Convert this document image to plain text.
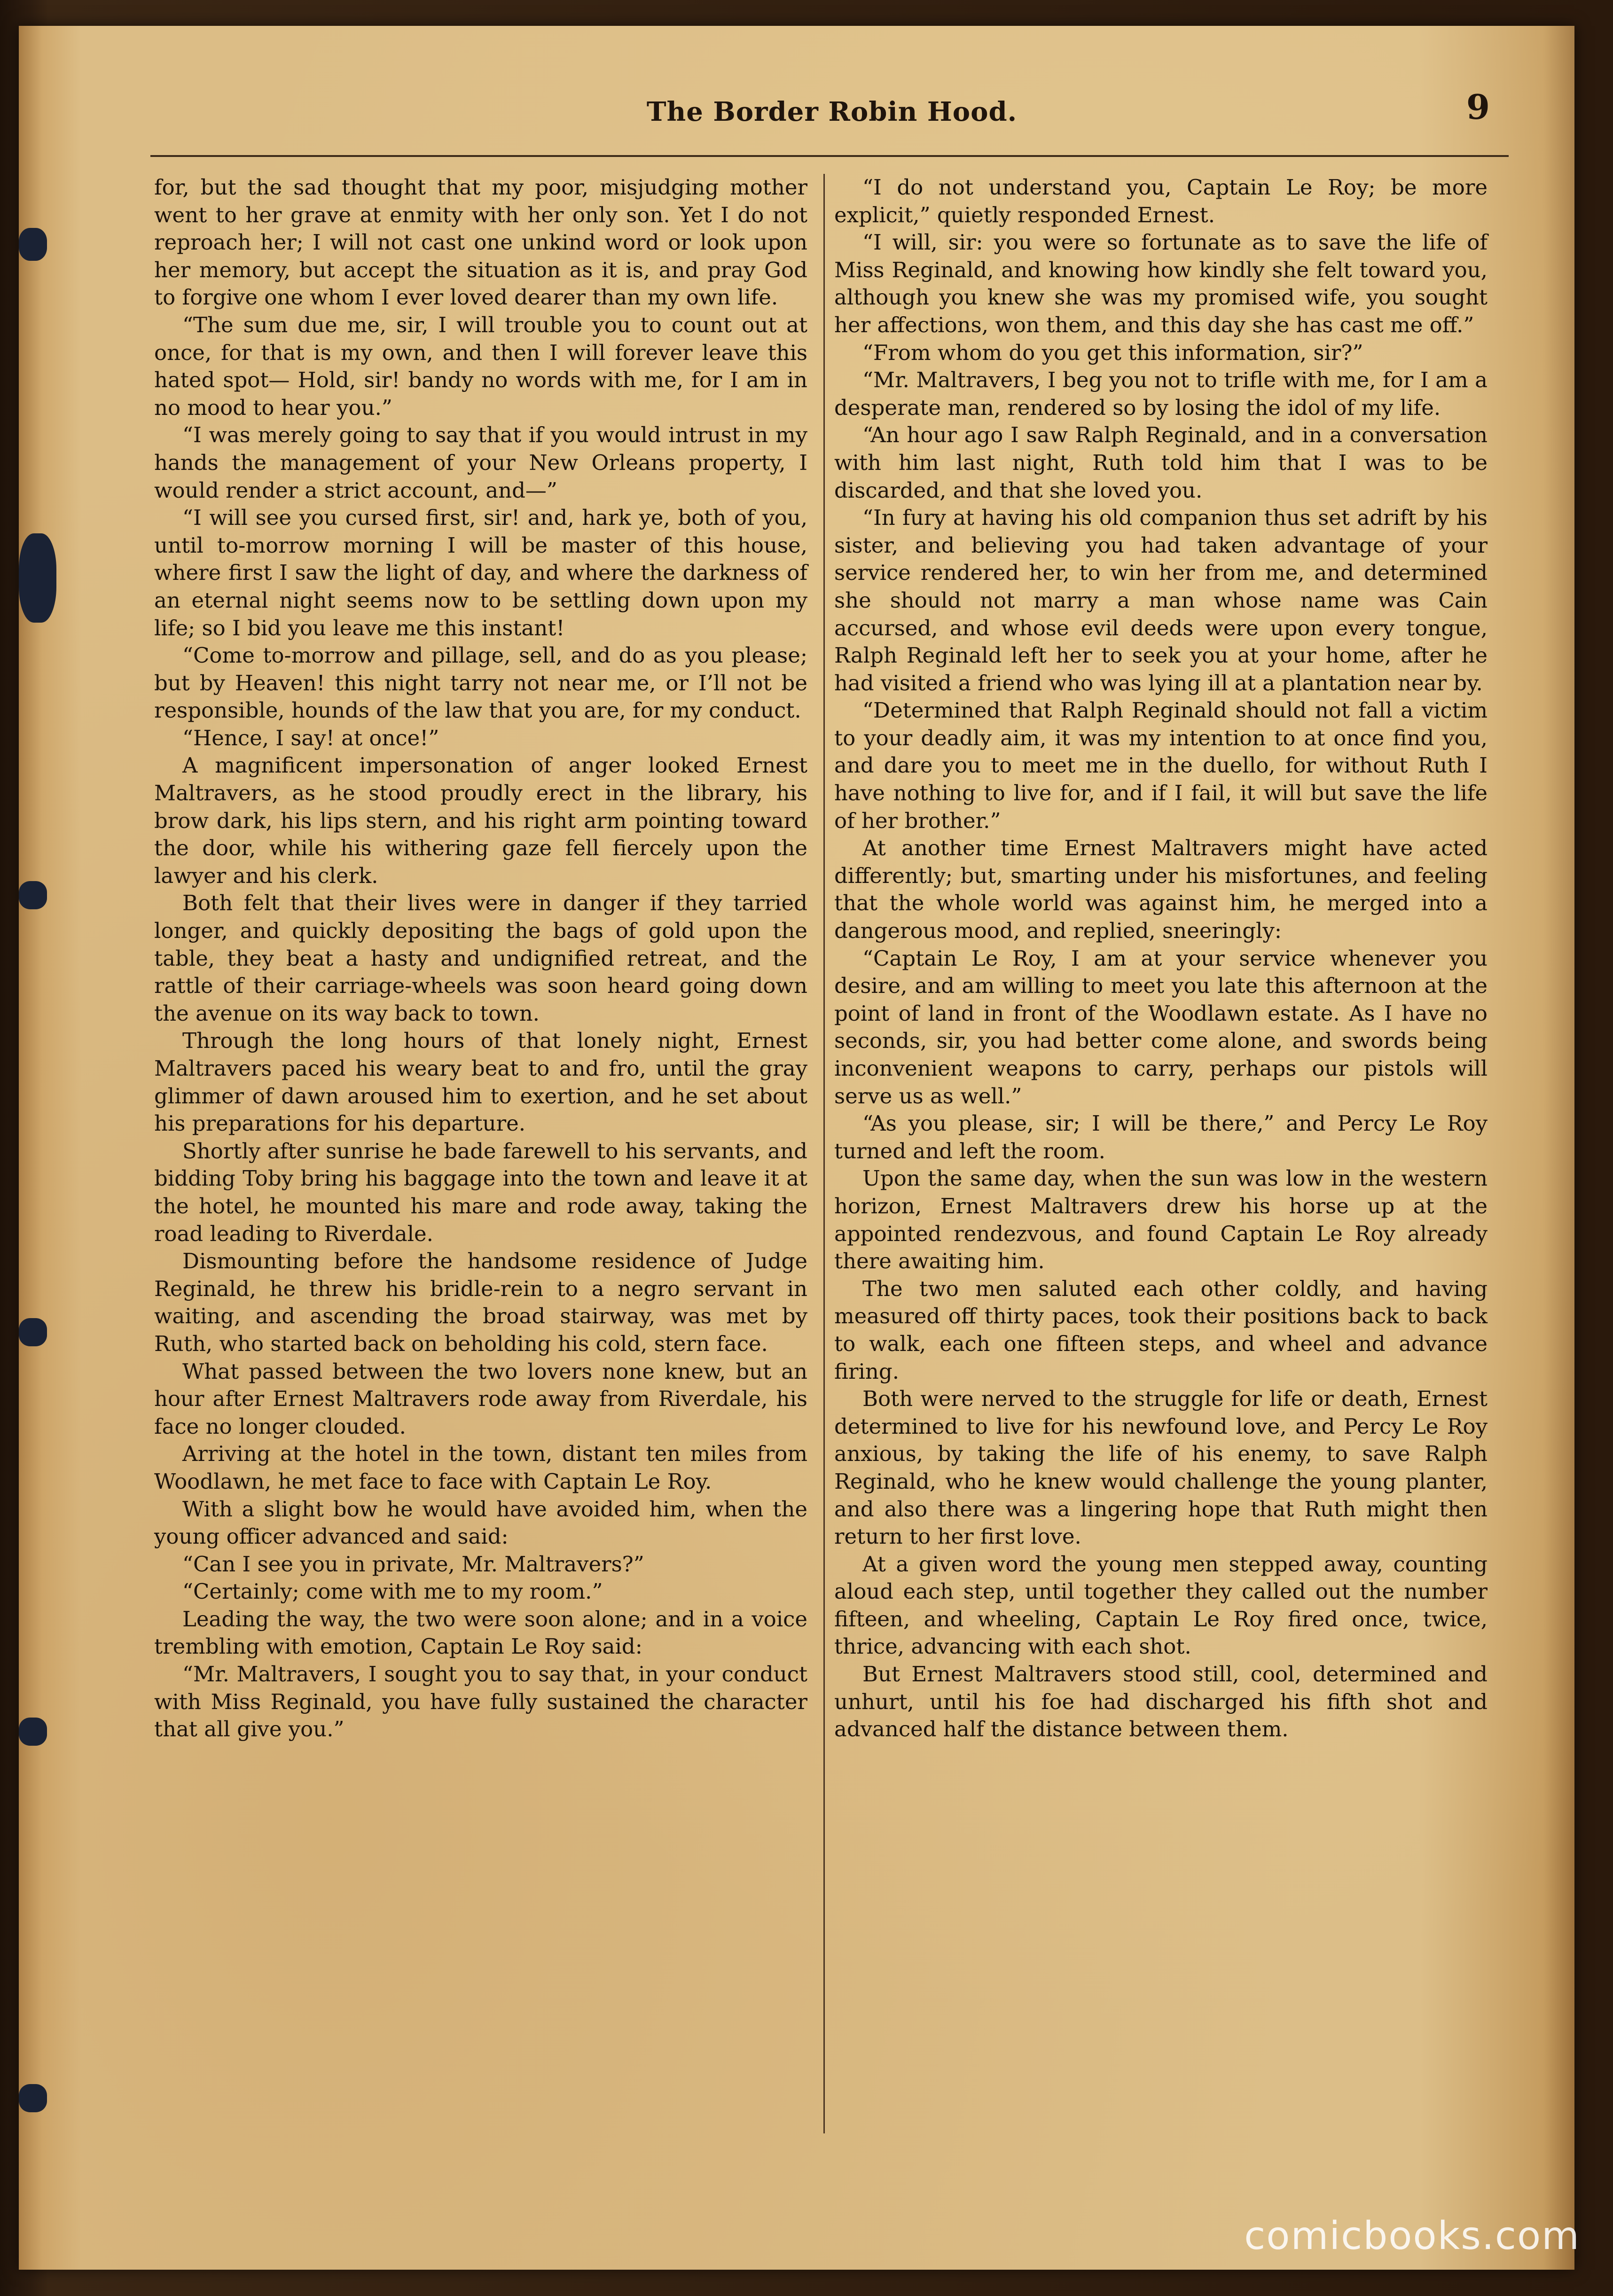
The Border Robin Hood.	9

for, but the sad thought that my poor, misjudging mother went to her grave at enmity with her only son. Yet I do not reproach her; I will not cast one unkind word or look upon her memory, but accept the situation as it is, and pray God to forgive one whom I ever loved dearer than my own life.

“The sum due me, sir, I will trouble you to count out at once, for that is my own, and then I will forever leave this hated spot— Hold, sir! bandy no words with me, for I am in no mood to hear you.”

“I was merely going to say that if you would intrust in my hands the management of your New Orleans property, I would render a strict account, and—”

“I will see you cursed first, sir! and, hark ye, both of you, until to-morrow morning I will be master of this house, where first I saw the light of day, and where the darkness of an eternal night seems now to be settling down upon my life; so I bid you leave me this instant!

“Come to-morrow and pillage, sell, and do as you please; but by Heaven! this night tarry not near me, or I’ll not be responsible, hounds of the law that you are, for my conduct.

“Hence, I say! at once!”

A magnificent impersonation of anger looked Ernest Maltravers, as he stood proudly erect in the library, his brow dark, his lips stern, and his right arm pointing toward the door, while his withering gaze fell fiercely upon the lawyer and his clerk.

Both felt that their lives were in danger if they tarried longer, and quickly depositing the bags of gold upon the table, they beat a hasty and undignified retreat, and the rattle of their carriage-wheels was soon heard going down the avenue on its way back to town.

Through the long hours of that lonely night, Ernest Maltravers paced his weary beat to and fro, until the gray glimmer of dawn aroused him to exertion, and he set about his preparations for his departure.

Shortly after sunrise he bade farewell to his servants, and bidding Toby bring his baggage into the town and leave it at the hotel, he mounted his mare and rode away, taking the road leading to Riverdale.

Dismounting before the handsome residence of Judge Reginald, he threw his bridle-rein to a negro servant in waiting, and ascending the broad stairway, was met by Ruth, who started back on beholding his cold, stern face.

What passed between the two lovers none knew, but an hour after Ernest Maltravers rode away from Riverdale, his face no longer clouded.

Arriving at the hotel in the town, distant ten miles from Woodlawn, he met face to face with Captain Le Roy.

With a slight bow he would have avoided him, when the young officer advanced and said:

“Can I see you in private, Mr. Maltravers?”

“Certainly; come with me to my room.”

Leading the way, the two were soon alone; and in a voice trembling with emotion, Captain Le Roy said:

“Mr. Maltravers, I sought you to say that, in your conduct with Miss Reginald, you have fully sustained the character that all give you.”

“I do not understand you, Captain Le Roy; be more explicit,” quietly responded Ernest.

“I will, sir: you were so fortunate as to save the life of Miss Reginald, and knowing how kindly she felt toward you, although you knew she was my promised wife, you sought her affections, won them, and this day she has cast me off.”

“From whom do you get this information, sir?”

“Mr. Maltravers, I beg you not to trifle with me, for I am a desperate man, rendered so by losing the idol of my life.

“An hour ago I saw Ralph Reginald, and in a conversation with him last night, Ruth told him that I was to be discarded, and that she loved you.

“In fury at having his old companion thus set adrift by his sister, and believing you had taken advantage of your service rendered her, to win her from me, and determined she should not marry a man whose name was Cain accursed, and whose evil deeds were upon every tongue, Ralph Reginald left her to seek you at your home, after he had visited a friend who was lying ill at a plantation near by.

“Determined that Ralph Reginald should not fall a victim to your deadly aim, it was my intention to at once find you, and dare you to meet me in the duello, for without Ruth I have nothing to live for, and if I fail, it will but save the life of her brother.”

At another time Ernest Maltravers might have acted differently; but, smarting under his misfortunes, and feeling that the whole world was against him, he merged into a dangerous mood, and replied, sneeringly:

“Captain Le Roy, I am at your service whenever you desire, and am willing to meet you late this afternoon at the point of land in front of the Woodlawn estate. As I have no seconds, sir, you had better come alone, and swords being inconvenient weapons to carry, perhaps our pistols will serve us as well.”

“As you please, sir; I will be there,” and Percy Le Roy turned and left the room.

Upon the same day, when the sun was low in the western horizon, Ernest Maltravers drew his horse up at the appointed rendezvous, and found Captain Le Roy already there awaiting him.

The two men saluted each other coldly, and having measured off thirty paces, took their positions back to back to walk, each one fifteen steps, and wheel and advance firing.

Both were nerved to the struggle for life or death, Ernest determined to live for his newfound love, and Percy Le Roy anxious, by taking the life of his enemy, to save Ralph Reginald, who he knew would challenge the young planter, and also there was a lingering hope that Ruth might then return to her first love.

At a given word the young men stepped away, counting aloud each step, until together they called out the number fifteen, and wheeling, Captain Le Roy fired once, twice, thrice, advancing with each shot.

But Ernest Maltravers stood still, cool, determined and unhurt, until his foe had discharged his fifth shot and advanced half the distance between them.

comicbooks.com
